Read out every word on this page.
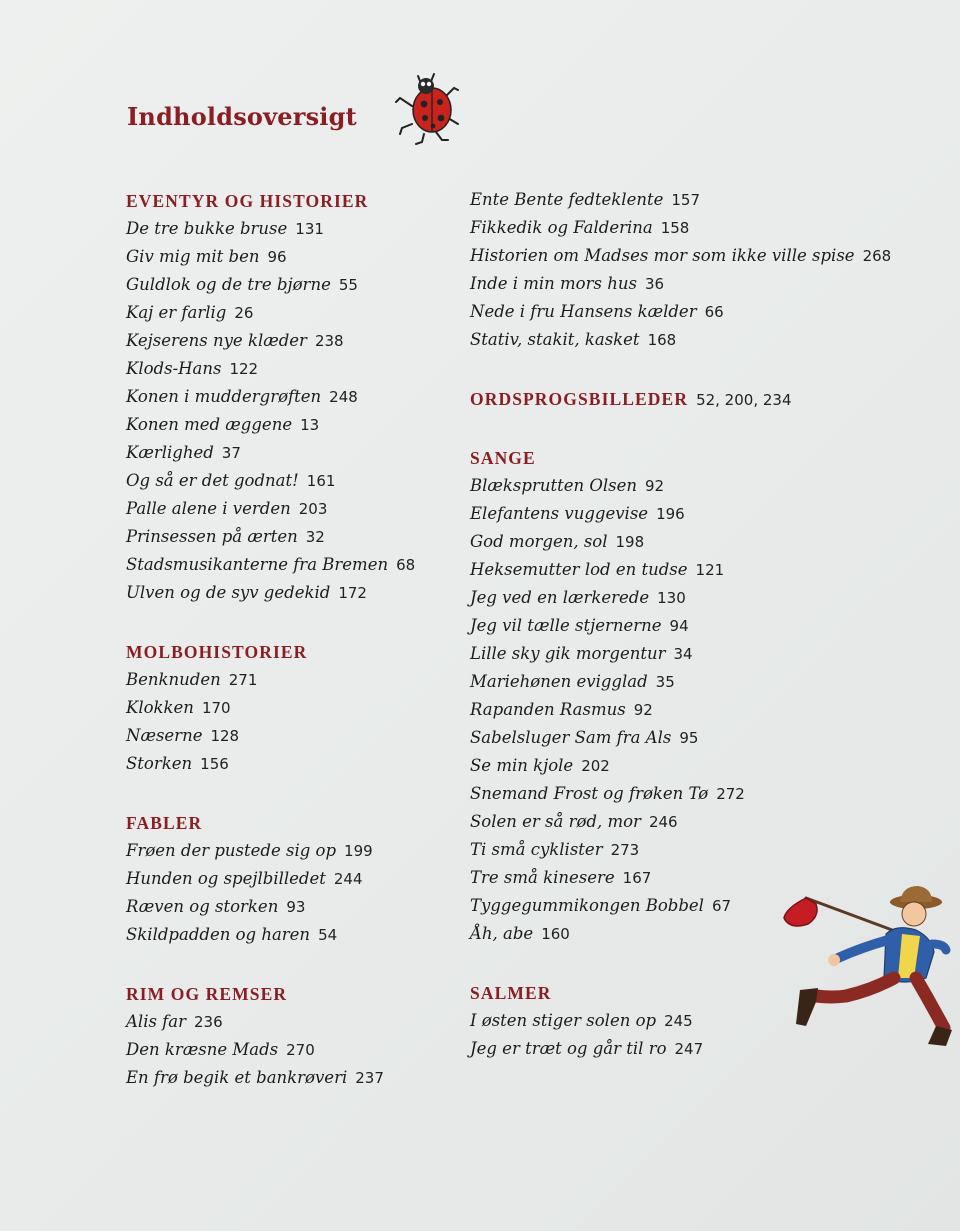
Indholdsoversigt
EVENTYR OG HISTORIER
De tre bukke bruse 131
Giv mig mit ben 96
Guldlok og de tre bjørne 55
Kaj er farlig 26
Kejserens nye klæder 238
Klods-Hans 122
Konen i muddergrøften 248
Konen med æggene 13
Kærlighed 37
Og så er det godnat! 161
Palle alene i verden 203
Prinsessen på ærten 32
Stadsmusikanterne fra Bremen 68
Ulven og de syv gedekid 172
MOLBOHISTORIER
Benknuden 271
Klokken 170
Næserne 128
Storken 156
FABLER
Frøen der pustede sig op 199
Hunden og spejlbilledet 244
Ræven og storken 93
Skildpadden og haren 54
RIM OG REMSER
Alis far 236
Den kræsne Mads 270
En frø begik et bankrøveri 237
Ente Bente fedteklente 157
Fikkedik og Falderina 158
Historien om Madses mor som ikke ville spise 268
Inde i min mors hus 36
Nede i fru Hansens kælder 66
Stativ, stakit, kasket 168
ORDSPROGSBILLEDER 52, 200, 234
SANGE
Blæksprutten Olsen 92
Elefantens vuggevise 196
God morgen, sol 198
Heksemutter lod en tudse 121
Jeg ved en lærkerede 130
Jeg vil tælle stjernerne 94
Lille sky gik morgentur 34
Mariehønen evigglad 35
Rapanden Rasmus 92
Sabelsluger Sam fra Als 95
Se min kjole 202
Snemand Frost og frøken Tø 272
Solen er så rød, mor 246
Ti små cyklister 273
Tre små kinesere 167
Tyggegummikongen Bobbel 67
Åh, abe 160
SALMER
I østen stiger solen op 245
Jeg er træt og går til ro 247
